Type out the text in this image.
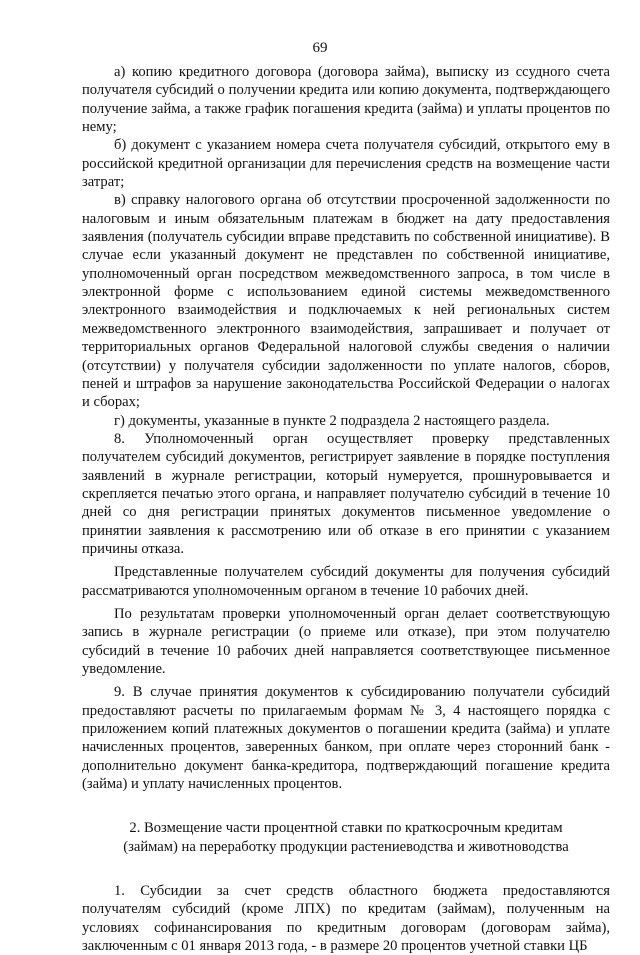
69

а) копию кредитного договора (договора займа), выписку из ссудного счета получателя субсидий о получении кредита или копию документа, подтверждающего получение займа, а также график погашения кредита (займа) и уплаты процентов по нему;

б) документ с указанием номера счета получателя субсидий, открытого ему в российской кредитной организации для перечисления средств на возмещение части затрат;

в) справку налогового органа об отсутствии просроченной задолженности по налоговым и иным обязательным платежам в бюджет на дату предоставления заявления (получатель субсидии вправе представить по собственной инициативе). В случае если указанный документ не представлен по собственной инициативе, уполномоченный орган посредством межведомственного запроса, в том числе в электронной форме с использованием единой системы межведомственного электронного взаимодействия и подключаемых к ней региональных систем межведомственного электронного взаимодействия, запрашивает и получает от территориальных органов Федеральной налоговой службы сведения о наличии (отсутствии) у получателя субсидии задолженности по уплате налогов, сборов, пеней и штрафов за нарушение законодательства Российской Федерации о налогах и сборах;

г) документы, указанные в пункте 2 подраздела 2 настоящего раздела.

8. Уполномоченный орган осуществляет проверку представленных получателем субсидий документов, регистрирует заявление в порядке поступления заявлений в журнале регистрации, который нумеруется, прошнуровывается и скрепляется печатью этого органа, и направляет получателю субсидий в течение 10 дней со дня регистрации принятых документов письменное уведомление о принятии заявления к рассмотрению или об отказе в его принятии с указанием причины отказа.

Представленные получателем субсидий документы для получения субсидий рассматриваются уполномоченным органом в течение 10 рабочих дней.

По результатам проверки уполномоченный орган делает соответствующую запись в журнале регистрации (о приеме или отказе), при этом получателю субсидий в течение 10 рабочих дней направляется соответствующее письменное уведомление.

9. В случае принятия документов к субсидированию получатели субсидий предоставляют расчеты по прилагаемым формам № 3, 4 настоящего порядка с приложением копий платежных документов о погашении кредита (займа) и уплате начисленных процентов, заверенных банком, при оплате через сторонний банк - дополнительно документ банка-кредитора, подтверждающий погашение кредита (займа) и уплату начисленных процентов.

2. Возмещение части процентной ставки по краткосрочным кредитам

(займам) на переработку продукции растениеводства и животноводства

1. Субсидии за счет средств областного бюджета предоставляются получателям субсидий (кроме ЛПХ) по кредитам (займам), полученным на условиях софинансирования по кредитным договорам (договорам займа), заключенным с 01 января 2013 года, - в размере 20 процентов учетной ставки ЦБ
